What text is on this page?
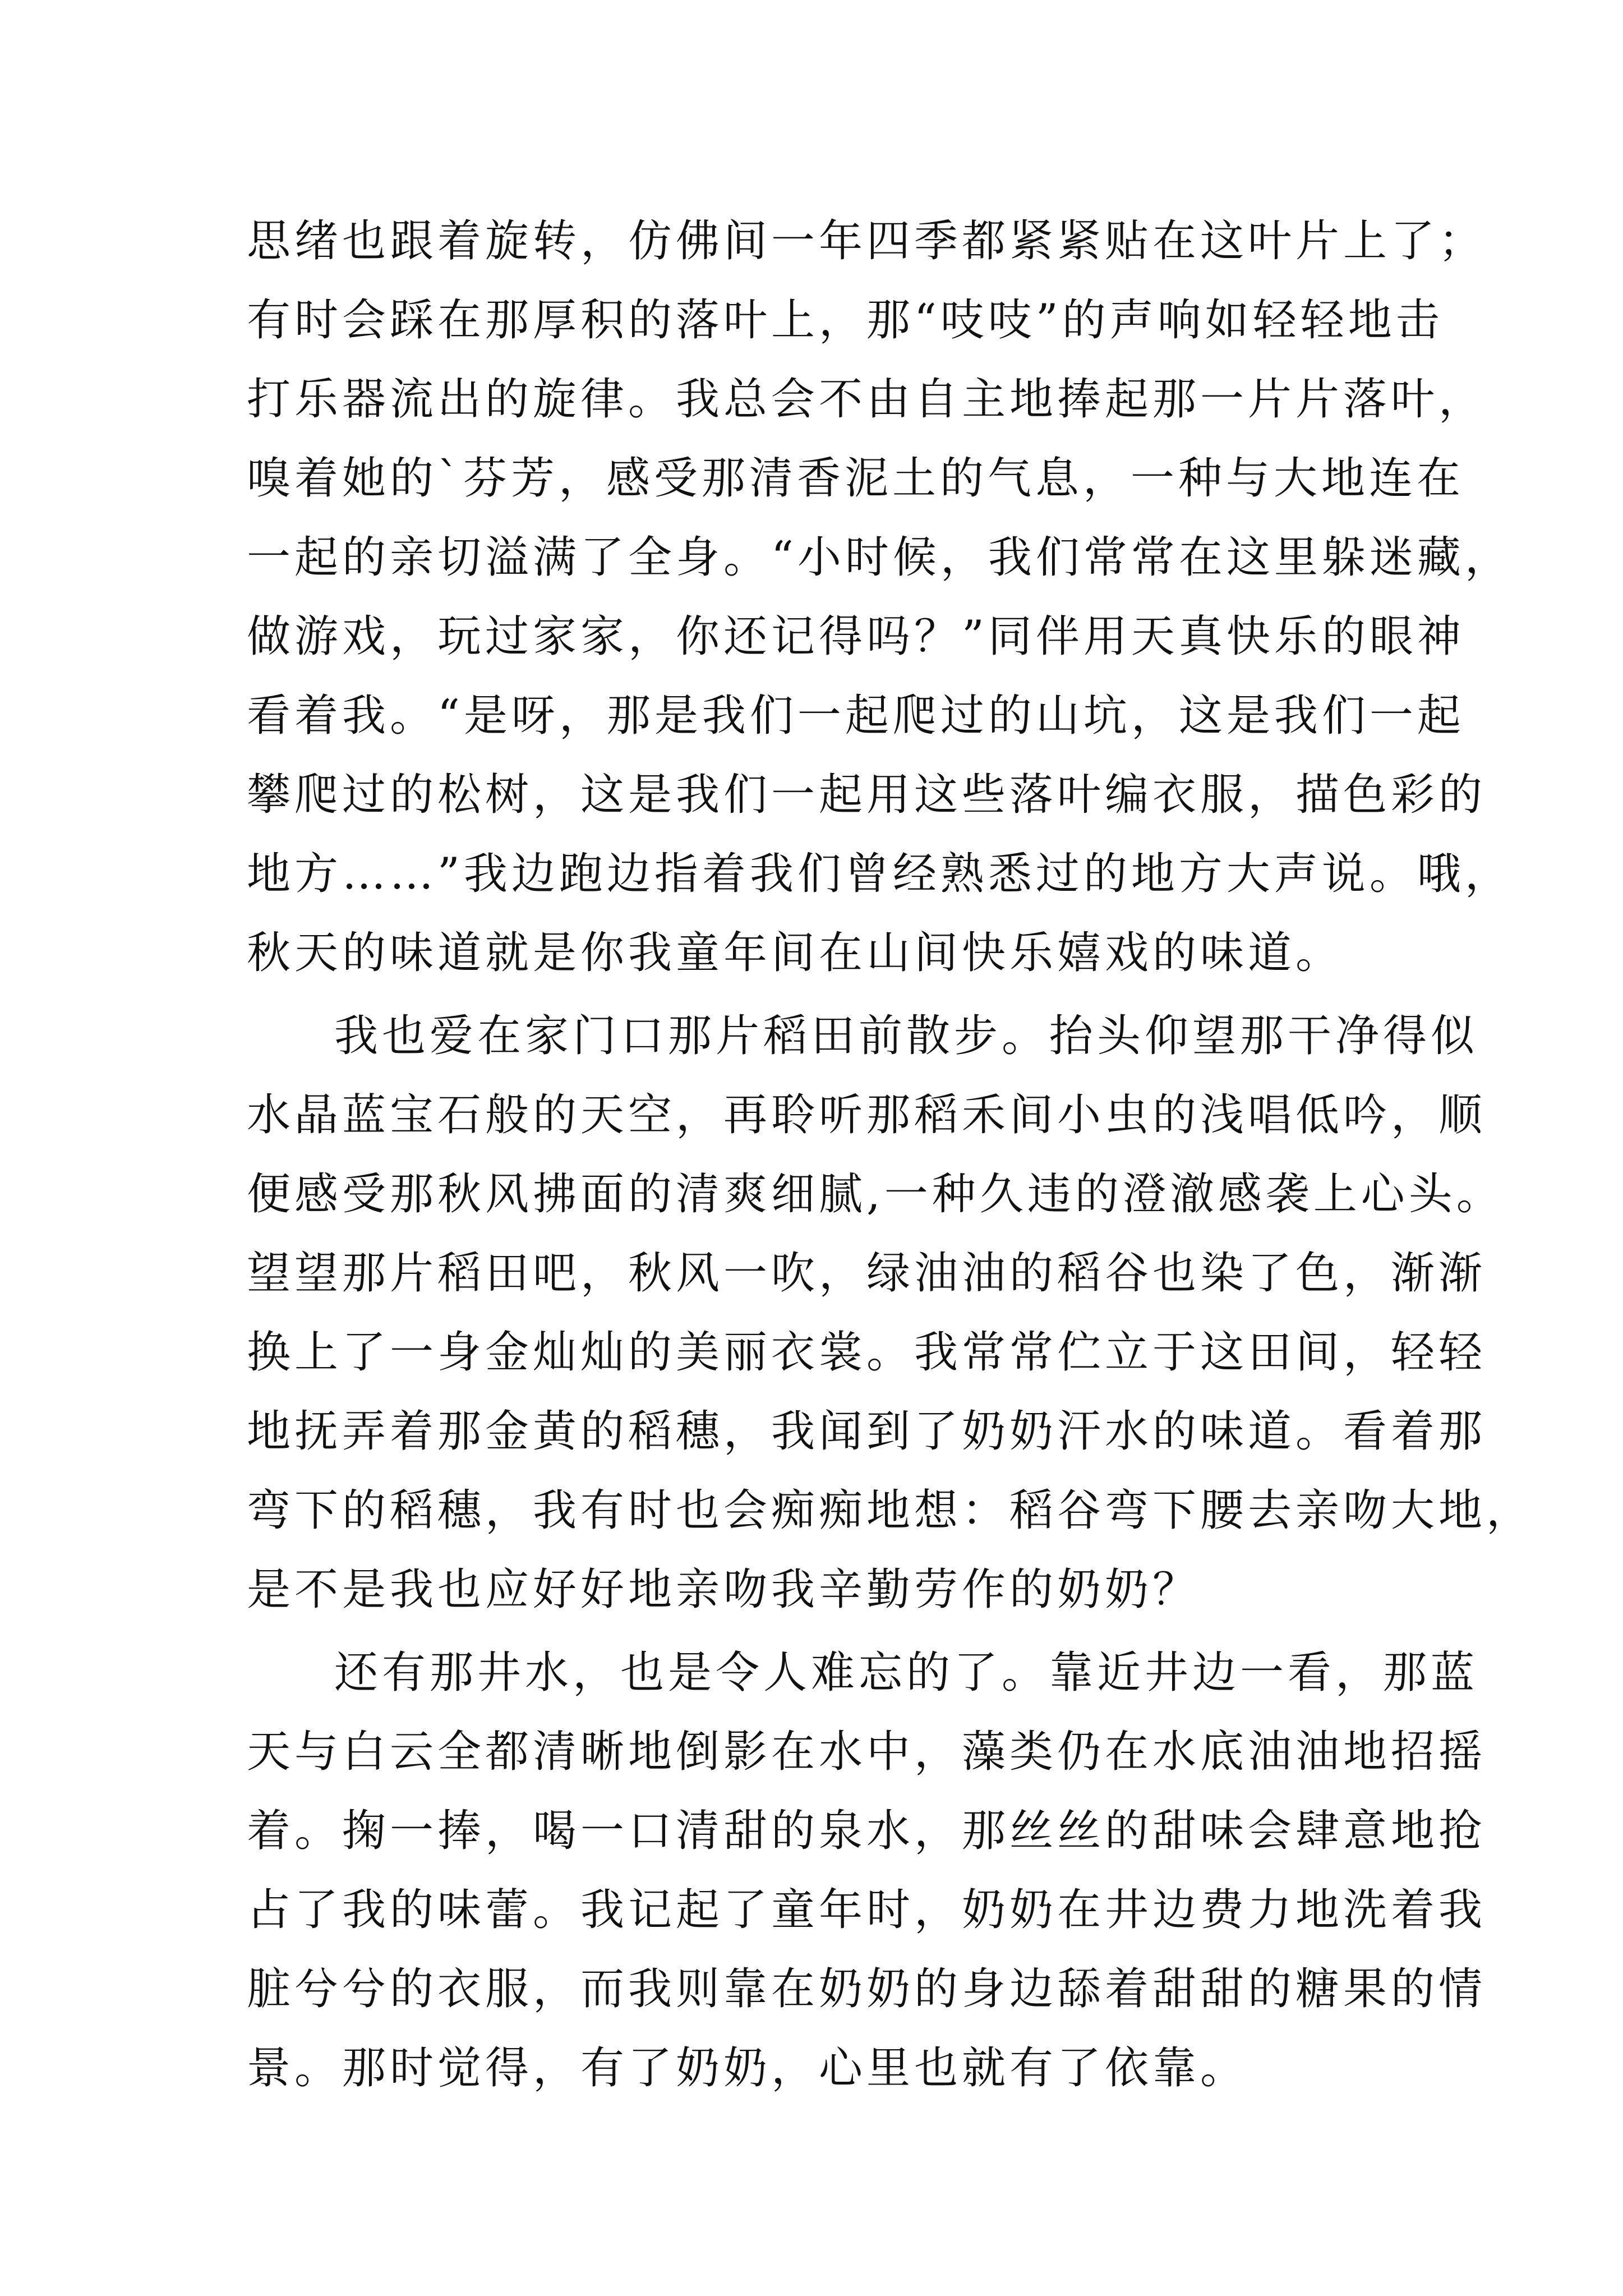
思绪也跟着旋转，仿佛间一年四季都紧紧贴在这叶片上了；
有时会踩在那厚积的落叶上，那“吱吱”的声响如轻轻地击
打乐器流出的旋律。我总会不由自主地捧起那一片片落叶，
嗅着她的`芬芳，感受那清香泥土的气息，一种与大地连在
一起的亲切溢满了全身。“小时候，我们常常在这里躲迷藏，
做游戏，玩过家家，你还记得吗？”同伴用天真快乐的眼神
看着我。“是呀，那是我们一起爬过的山坑，这是我们一起
攀爬过的松树，这是我们一起用这些落叶编衣服，描色彩的
地方……”我边跑边指着我们曾经熟悉过的地方大声说。哦，
秋天的味道就是你我童年间在山间快乐嬉戏的味道。
我也爱在家门口那片稻田前散步。抬头仰望那干净得似
水晶蓝宝石般的天空，再聆听那稻禾间小虫的浅唱低吟，顺
便感受那秋风拂面的清爽细腻,一种久违的澄澈感袭上心头。
望望那片稻田吧，秋风一吹，绿油油的稻谷也染了色，渐渐
换上了一身金灿灿的美丽衣裳。我常常伫立于这田间，轻轻
地抚弄着那金黄的稻穗，我闻到了奶奶汗水的味道。看着那
弯下的稻穗，我有时也会痴痴地想：稻谷弯下腰去亲吻大地，
是不是我也应好好地亲吻我辛勤劳作的奶奶？
还有那井水，也是令人难忘的了。靠近井边一看，那蓝
天与白云全都清晰地倒影在水中，藻类仍在水底油油地招摇
着。掬一捧，喝一口清甜的泉水，那丝丝的甜味会肆意地抢
占了我的味蕾。我记起了童年时，奶奶在井边费力地洗着我
脏兮兮的衣服，而我则靠在奶奶的身边舔着甜甜的糖果的情
景。那时觉得，有了奶奶，心里也就有了依靠。
